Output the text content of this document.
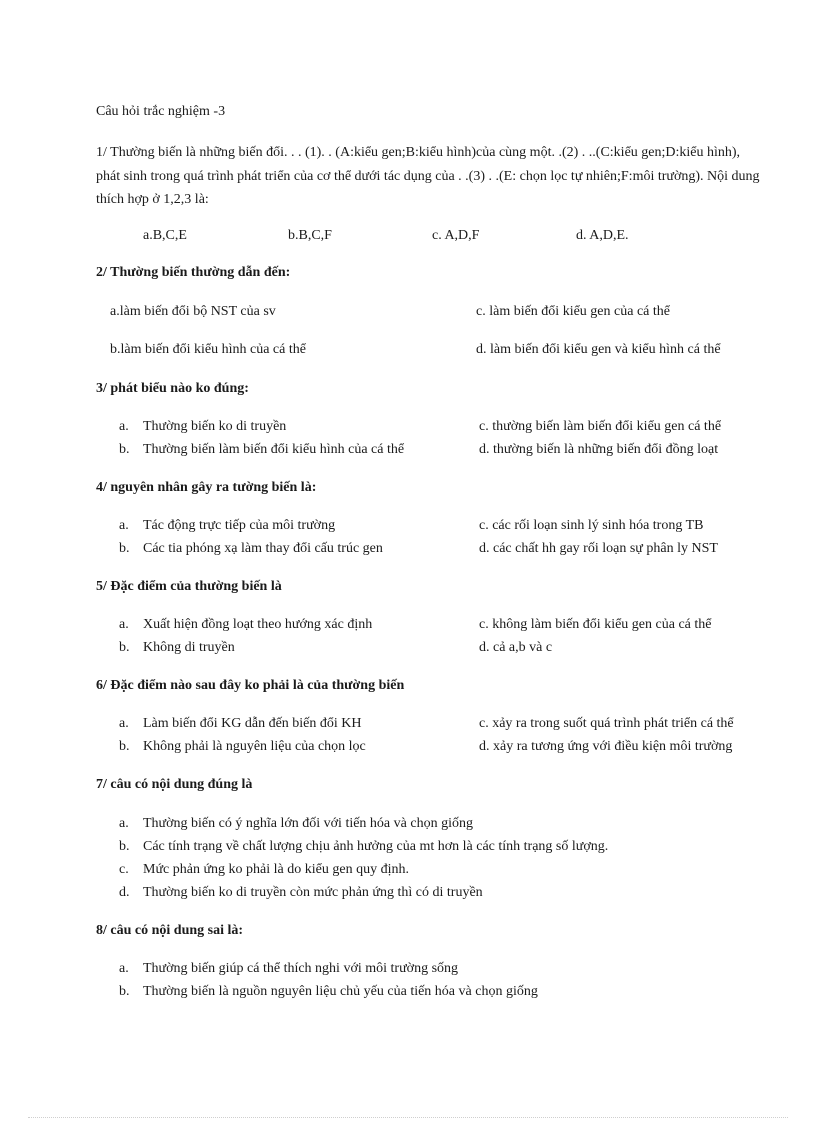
Câu hỏi trắc nghiệm -3
1/ Thường biến là những biến đổi. . . (1). . (A:kiểu gen;B:kiểu hình)của cùng một. .(2) . ..(C:kiểu gen;D:kiểu hình), phát sinh trong quá trình phát triển của cơ thể dưới tác dụng của . .(3) . .(E: chọn lọc tự nhiên;F:môi trường). Nội dung thích hợp ở 1,2,3 là:
a.B,C,E	b.B,C,F	c. A,D,F	d. A,D,E.
2/ Thường biến thường dẫn đến:
a.làm biến đổi bộ NST của sv	c. làm biến đổi kiểu gen của cá thể
b.làm biến đổi kiểu hình của cá thể	d. làm biến đổi kiểu gen và kiểu hình cá thể
3/ phát biểu nào ko đúng:
a. Thường biến ko di truyền	c. thường biến làm biến đổi kiểu gen cá thể
b. Thường biến làm biến đổi kiểu hình của cá thể	d. thường biến là những biến đổi đồng loạt
4/ nguyên nhân gây ra tường biến là:
a. Tác động trực tiếp của môi trường	c. các rối loạn sinh lý sinh hóa trong TB
b. Các tia phóng xạ làm thay đổi cấu trúc gen	d. các chất hh gay rối loạn sự phân ly NST
5/ Đặc điểm của thường biến là
a. Xuất hiện đồng loạt theo hướng xác định	c. không làm biến đổi kiểu gen của cá thể
b. Không di truyền	d. cả a,b và c
6/ Đặc điểm nào sau đây ko phải là của thường biến
a. Làm biến đổi KG dẫn đến biến đổi KH	c. xảy ra trong suốt quá trình phát triển cá thể
b. Không phải là nguyên liệu của chọn lọc	d. xảy ra tương ứng với điều kiện môi trường
7/ câu có nội dung đúng là
a. Thường biến có ý nghĩa lớn đối với tiến hóa và chọn giống
b. Các tính trạng về chất lượng chịu ảnh hưởng của mt hơn là các tính trạng số lượng.
c. Mức phản ứng ko phải là do kiểu gen quy định.
d. Thường biến ko di truyền còn mức phản ứng thì có di truyền
8/ câu có nội dung sai là:
a. Thường biến giúp cá thể thích nghi với môi trường sống
b. Thường biến là nguồn nguyên liệu chủ yếu của tiến hóa và chọn giống
